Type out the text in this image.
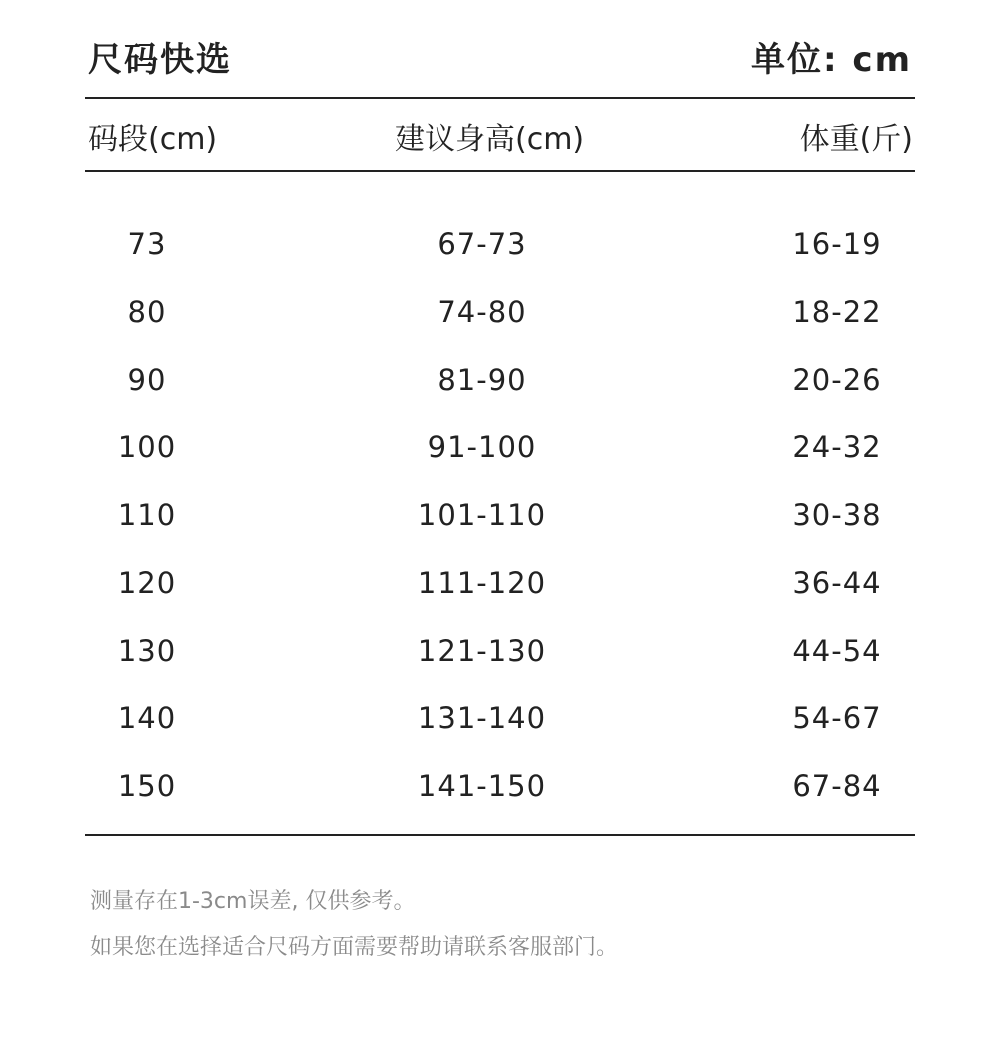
尺码快选	单位: cm
码段(cm)	建议身高(cm)	体重(斤)
73	67-73	16-19
80	74-80	18-22
90	81-90	20-26
100	91-100	24-32
110	101-110	30-38
120	111-120	36-44
130	121-130	44-54
140	131-140	54-67
150	141-150	67-84
测量存在1-3cm误差, 仅供参考。
如果您在选择适合尺码方面需要帮助请联系客服部门。
